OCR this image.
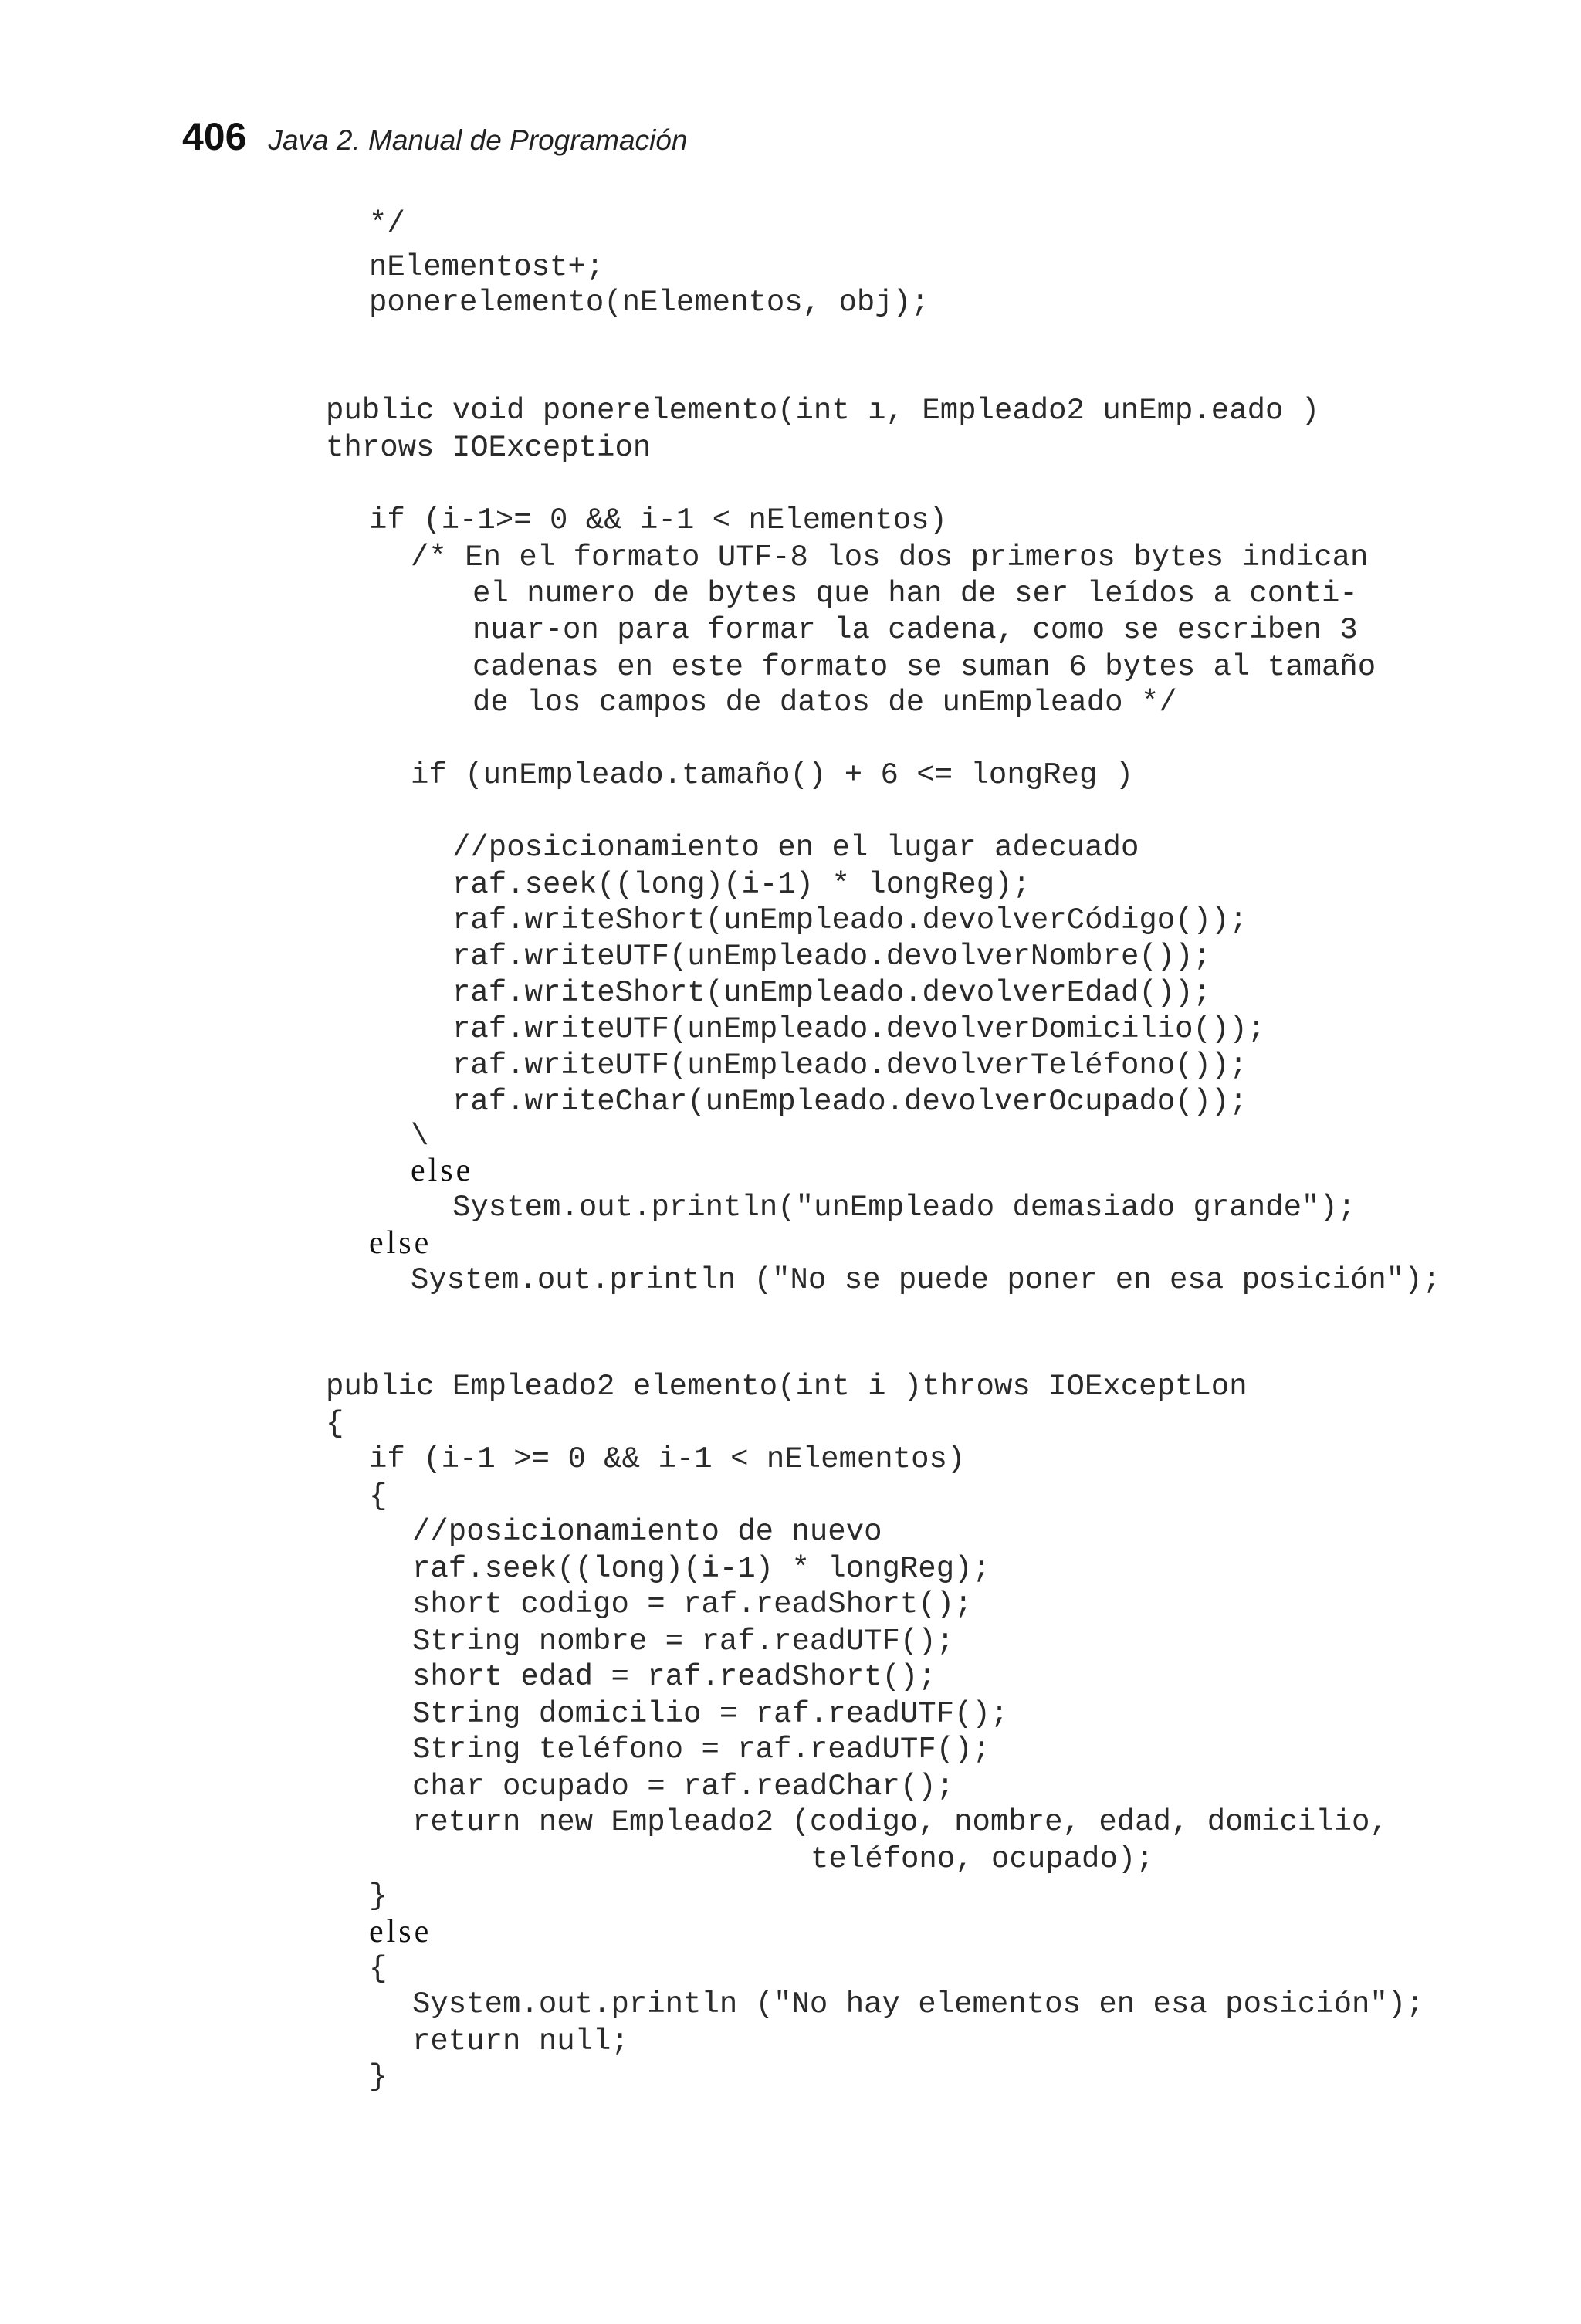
406 Java 2. Manual de Programación
*/
nElementost+;
ponerelemento(nElementos, obj);
public void ponerelemento(int ı, Empleado2 unEmp.eado )
throws IOException
if (i-1>= 0 && i-1 < nElementos)
/* En el formato UTF-8 los dos primeros bytes indican
el numero de bytes que han de ser leídos a conti-
nuar-on para formar la cadena, como se escriben 3
cadenas en este formato se suman 6 bytes al tamaño
de los campos de datos de unEmpleado */
if (unEmpleado.tamaño() + 6 <= longReg )
//posicionamiento en el lugar adecuado
raf.seek((long)(i-1) * longReg);
raf.writeShort(unEmpleado.devolverCódigo());
raf.writeUTF(unEmpleado.devolverNombre());
raf.writeShort(unEmpleado.devolverEdad());
raf.writeUTF(unEmpleado.devolverDomicilio());
raf.writeUTF(unEmpleado.devolverTeléfono());
raf.writeChar(unEmpleado.devolverOcupado());
\
else
System.out.println("unEmpleado demasiado grande");
else
System.out.println ("No se puede poner en esa posición");
public Empleado2 elemento(int i )throws IOExceptLon
{
if (i-1 >= 0 && i-1 < nElementos)
{
//posicionamiento de nuevo
raf.seek((long)(i-1) * longReg);
short codigo = raf.readShort();
String nombre = raf.readUTF();
short edad = raf.readShort();
String domicilio = raf.readUTF();
String teléfono = raf.readUTF();
char ocupado = raf.readChar();
return new Empleado2 (codigo, nombre, edad, domicilio,
teléfono, ocupado);
}
else
{
System.out.println ("No hay elementos en esa posición");
return null;
}
